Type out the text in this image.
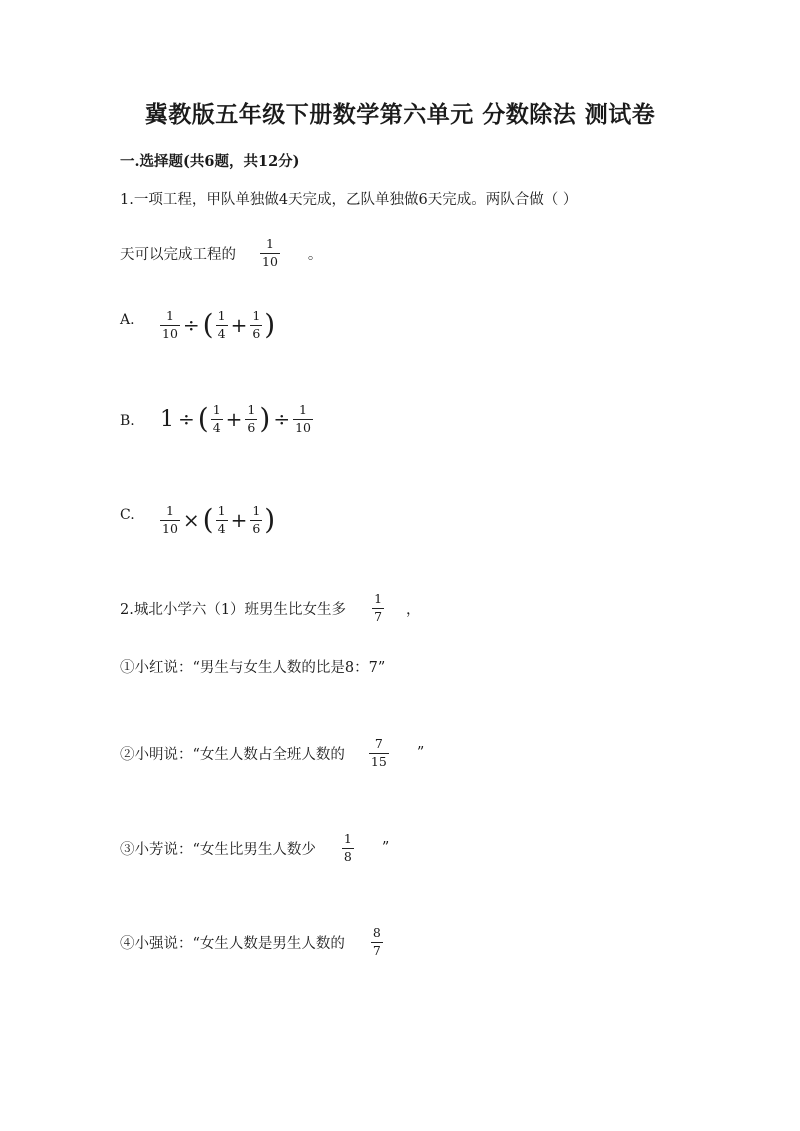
冀教版五年级下册数学第六单元 分数除法 测试卷
一.选择题(共6题，共12分)
1.一项工程，甲队单独做4天完成，乙队单独做6天完成。两队合做（ ）
天可以完成工程的 $\frac{1}{10}$ 。
A. $\frac{1}{10}$ ÷ ( $\frac{1}{4} + \frac{1}{6}$ )
B. 1 ÷ ( $\frac{1}{4} + \frac{1}{6}$ ) ÷ $\frac{1}{10}$
C. $\frac{1}{10}$ × ( $\frac{1}{4} + \frac{1}{6}$ )
2.城北小学六（1）班男生比女生多 $\frac{1}{7}$ ，
①小红说：“男生与女生人数的比是8：7”
②小明说：“女生人数占全班人数的 $\frac{7}{15}$ ”
③小芳说：“女生比男生人数少 $\frac{1}{8}$ ”
④小强说：“女生人数是男生人数的 $\frac{8}{7}$
